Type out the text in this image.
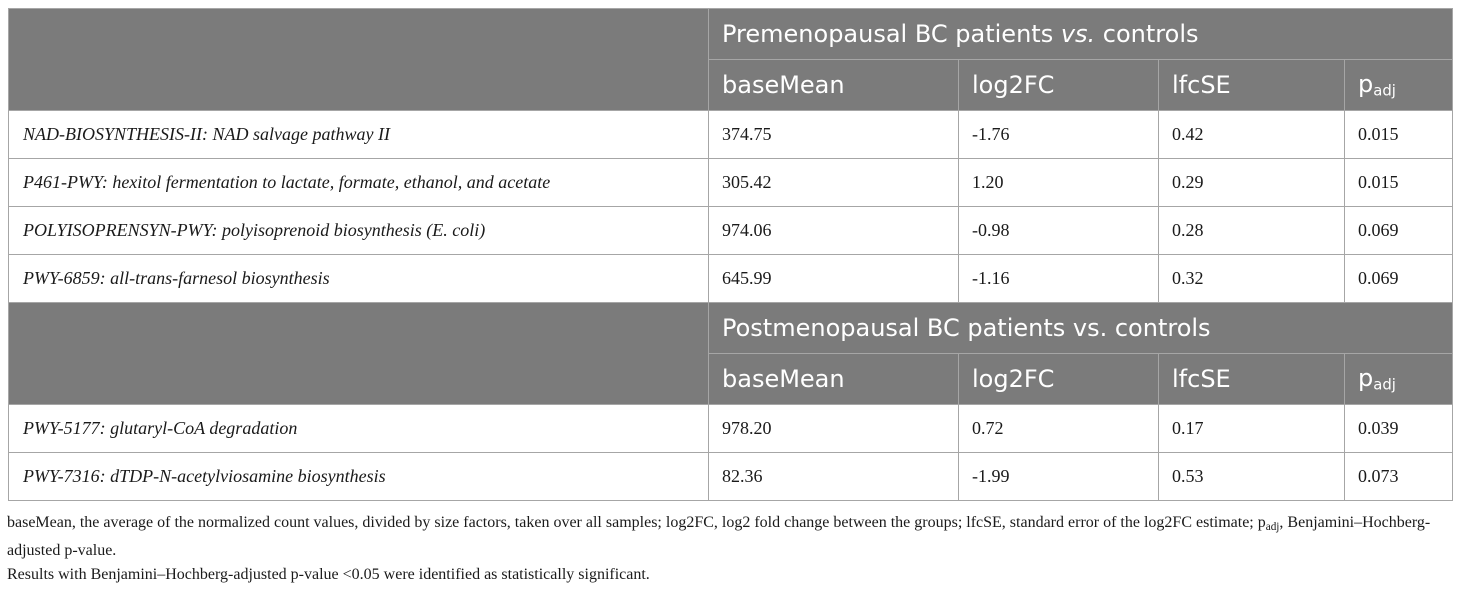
	Premenopausal BC patients vs. controls			
	baseMean	log2FC	lfcSE	$p_{adj}$
NAD-BIOSYNTHESIS-II: NAD salvage pathway II	374.75	-1.76	0.42	0.015
P461-PWY: hexitol fermentation to lactate, formate, ethanol, and acetate	305.42	1.20	0.29	0.015
POLYISOPRENSYN-PWY: polyisoprenoid biosynthesis (E. coli)	974.06	-0.98	0.28	0.069
PWY-6859: all-trans-farnesol biosynthesis	645.99	-1.16	0.32	0.069
	Postmenopausal BC patients vs. controls			
	baseMean	log2FC	lfcSE	$p_{adj}$
PWY-5177: glutaryl-CoA degradation	978.20	0.72	0.17	0.039
PWY-7316: dTDP-N-acetylviosamine biosynthesis	82.36	-1.99	0.53	0.073

baseMean, the average of the normalized count values, divided by size factors, taken over all samples; log2FC, log2 fold change between the groups; lfcSE, standard error of the log2FC estimate; $p_{adj}$, Benjamini–Hochberg-adjusted p-value.

Results with Benjamini–Hochberg-adjusted p-value <0.05 were identified as statistically significant.
